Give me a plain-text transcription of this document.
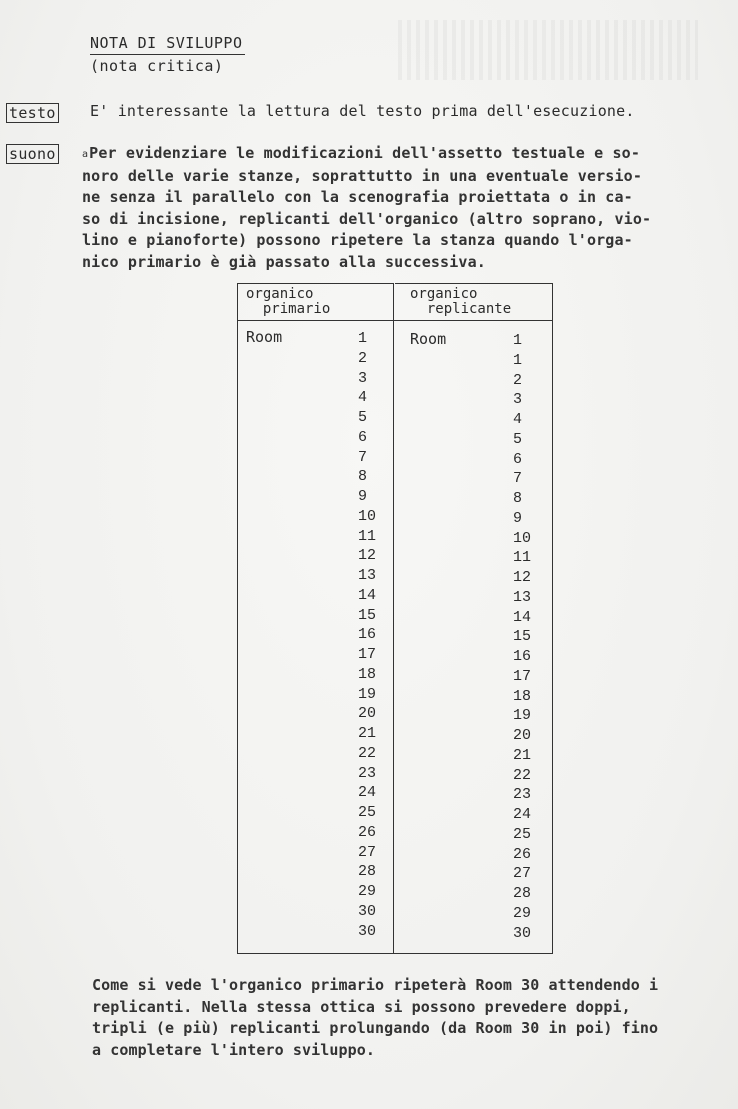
NOTA DI SVILUPPO
(nota critica)
testo E' interessante la lettura del testo prima dell'esecuzione.
suono	aPer evidenziare le modificazioni dell'assetto testuale e so-
noro delle varie stanze, soprattutto in una eventuale versio-
ne senza il parallelo con la scenografia proiettata o in ca-
so di incisione, replicanti dell'organico (altro soprano, vio-
lino e pianoforte) possono ripetere la stanza quando l'orga-
nico primario è già passato alla successiva.
organico
primario
organico
replicante
Room	Room
1
2
3
4
5
6
7
8
9
10
11
12
13
14
15
16
17
18
19
20
21
22
23
24
25
26
27
28
29
30
30
1
1
2
3
4
5
6
7
8
9
10
11
12
13
14
15
16
17
18
19
20
21
22
23
24
25
26
27
28
29
30
Come si vede l'organico primario ripeterà Room 30 attendendo i
replicanti. Nella stessa ottica si possono prevedere doppi,
tripli (e più) replicanti prolungando (da Room 30 in poi) fino
a completare l'intero sviluppo.
